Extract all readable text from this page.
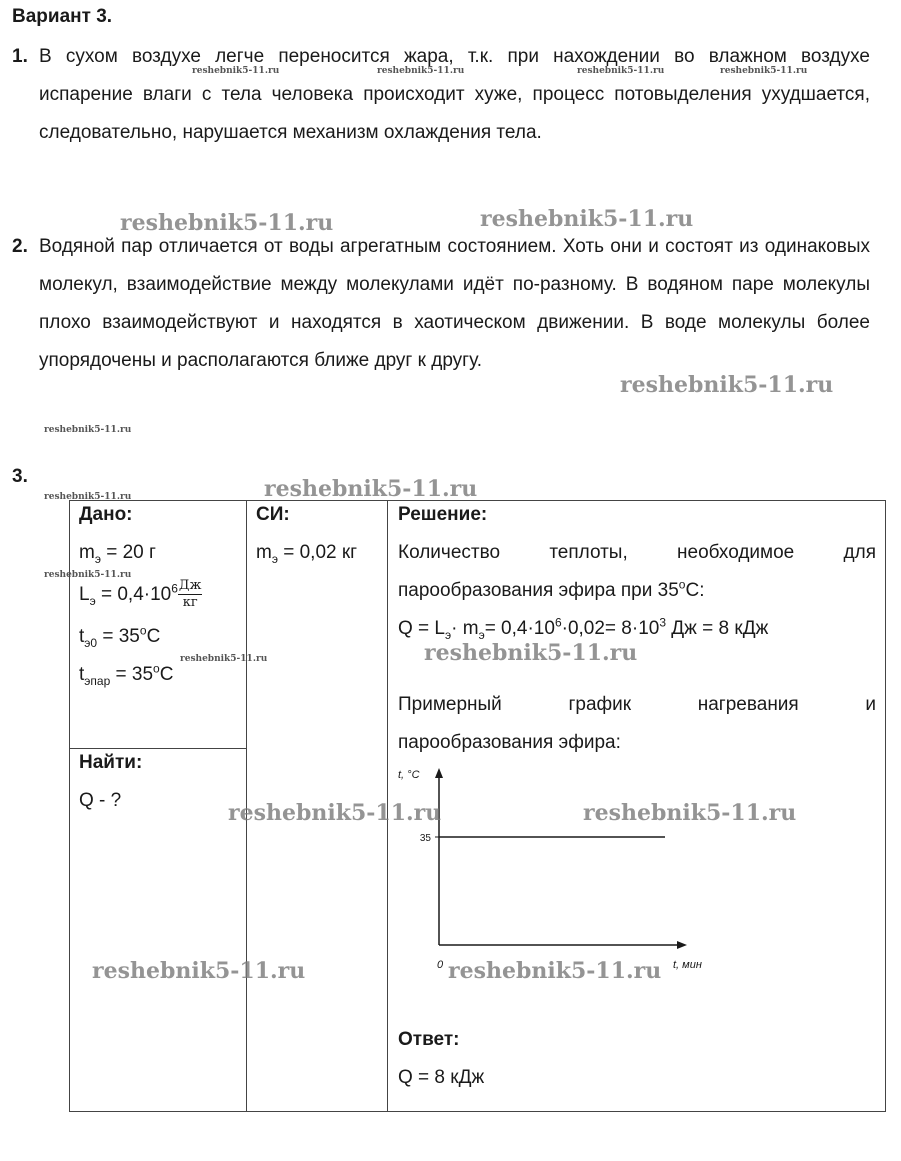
Вариант 3.
1. В сухом воздухе легче переносится жара, т.к. при нахождении во влажном воздухе испарение влаги с тела человека происходит хуже, процесс потовыделения ухудшается, следовательно, нарушается механизм охлаждения тела.
2. Водяной пар отличается от воды агрегатным состоянием. Хоть они и состоят из одинаковых молекул, взаимодействие между молекулами идёт по-разному. В водяном паре молекулы плохо взаимодействуют и находятся в хаотическом движении. В воде молекулы более упорядочены и располагаются ближе друг к другу.
3.
Дано:
$m_э = 20$ г
$L_э = 0,4\cdot 10^6 \frac{Дж}{кг}$
$t_{э0} = 35^oC$
$t_{эпар} = 35^oC$
Найти:
Q - ?
СИ:
$m_э = 0,02$ кг
Решение:
Количество теплоты, необходимое для
парообразования эфира при 35$^o$С:
$Q = L_э\cdot m_э= 0,4\cdot 10^6\cdot 0,02= 8\cdot 10^3$ Дж = 8 кДж
Примерный график нагревания и
парообразования эфира:
t, °С
t, мин
0
35
Ответ:
Q = 8 кДж
reshebnik5-11.ru	reshebnik5-11.ru	reshebnik5-11.ru	reshebnik5-11.ru
reshebnik5-11.ru	reshebnik5-11.ru
reshebnik5-11.ru
reshebnik5-11.ru
reshebnik5-11.ru	reshebnik5-11.ru
reshebnik5-11.ru
reshebnik5-11.ru	reshebnik5-11.ru
reshebnik5-11.ru	reshebnik5-11.ru
reshebnik5-11.ru	reshebnik5-11.ru
